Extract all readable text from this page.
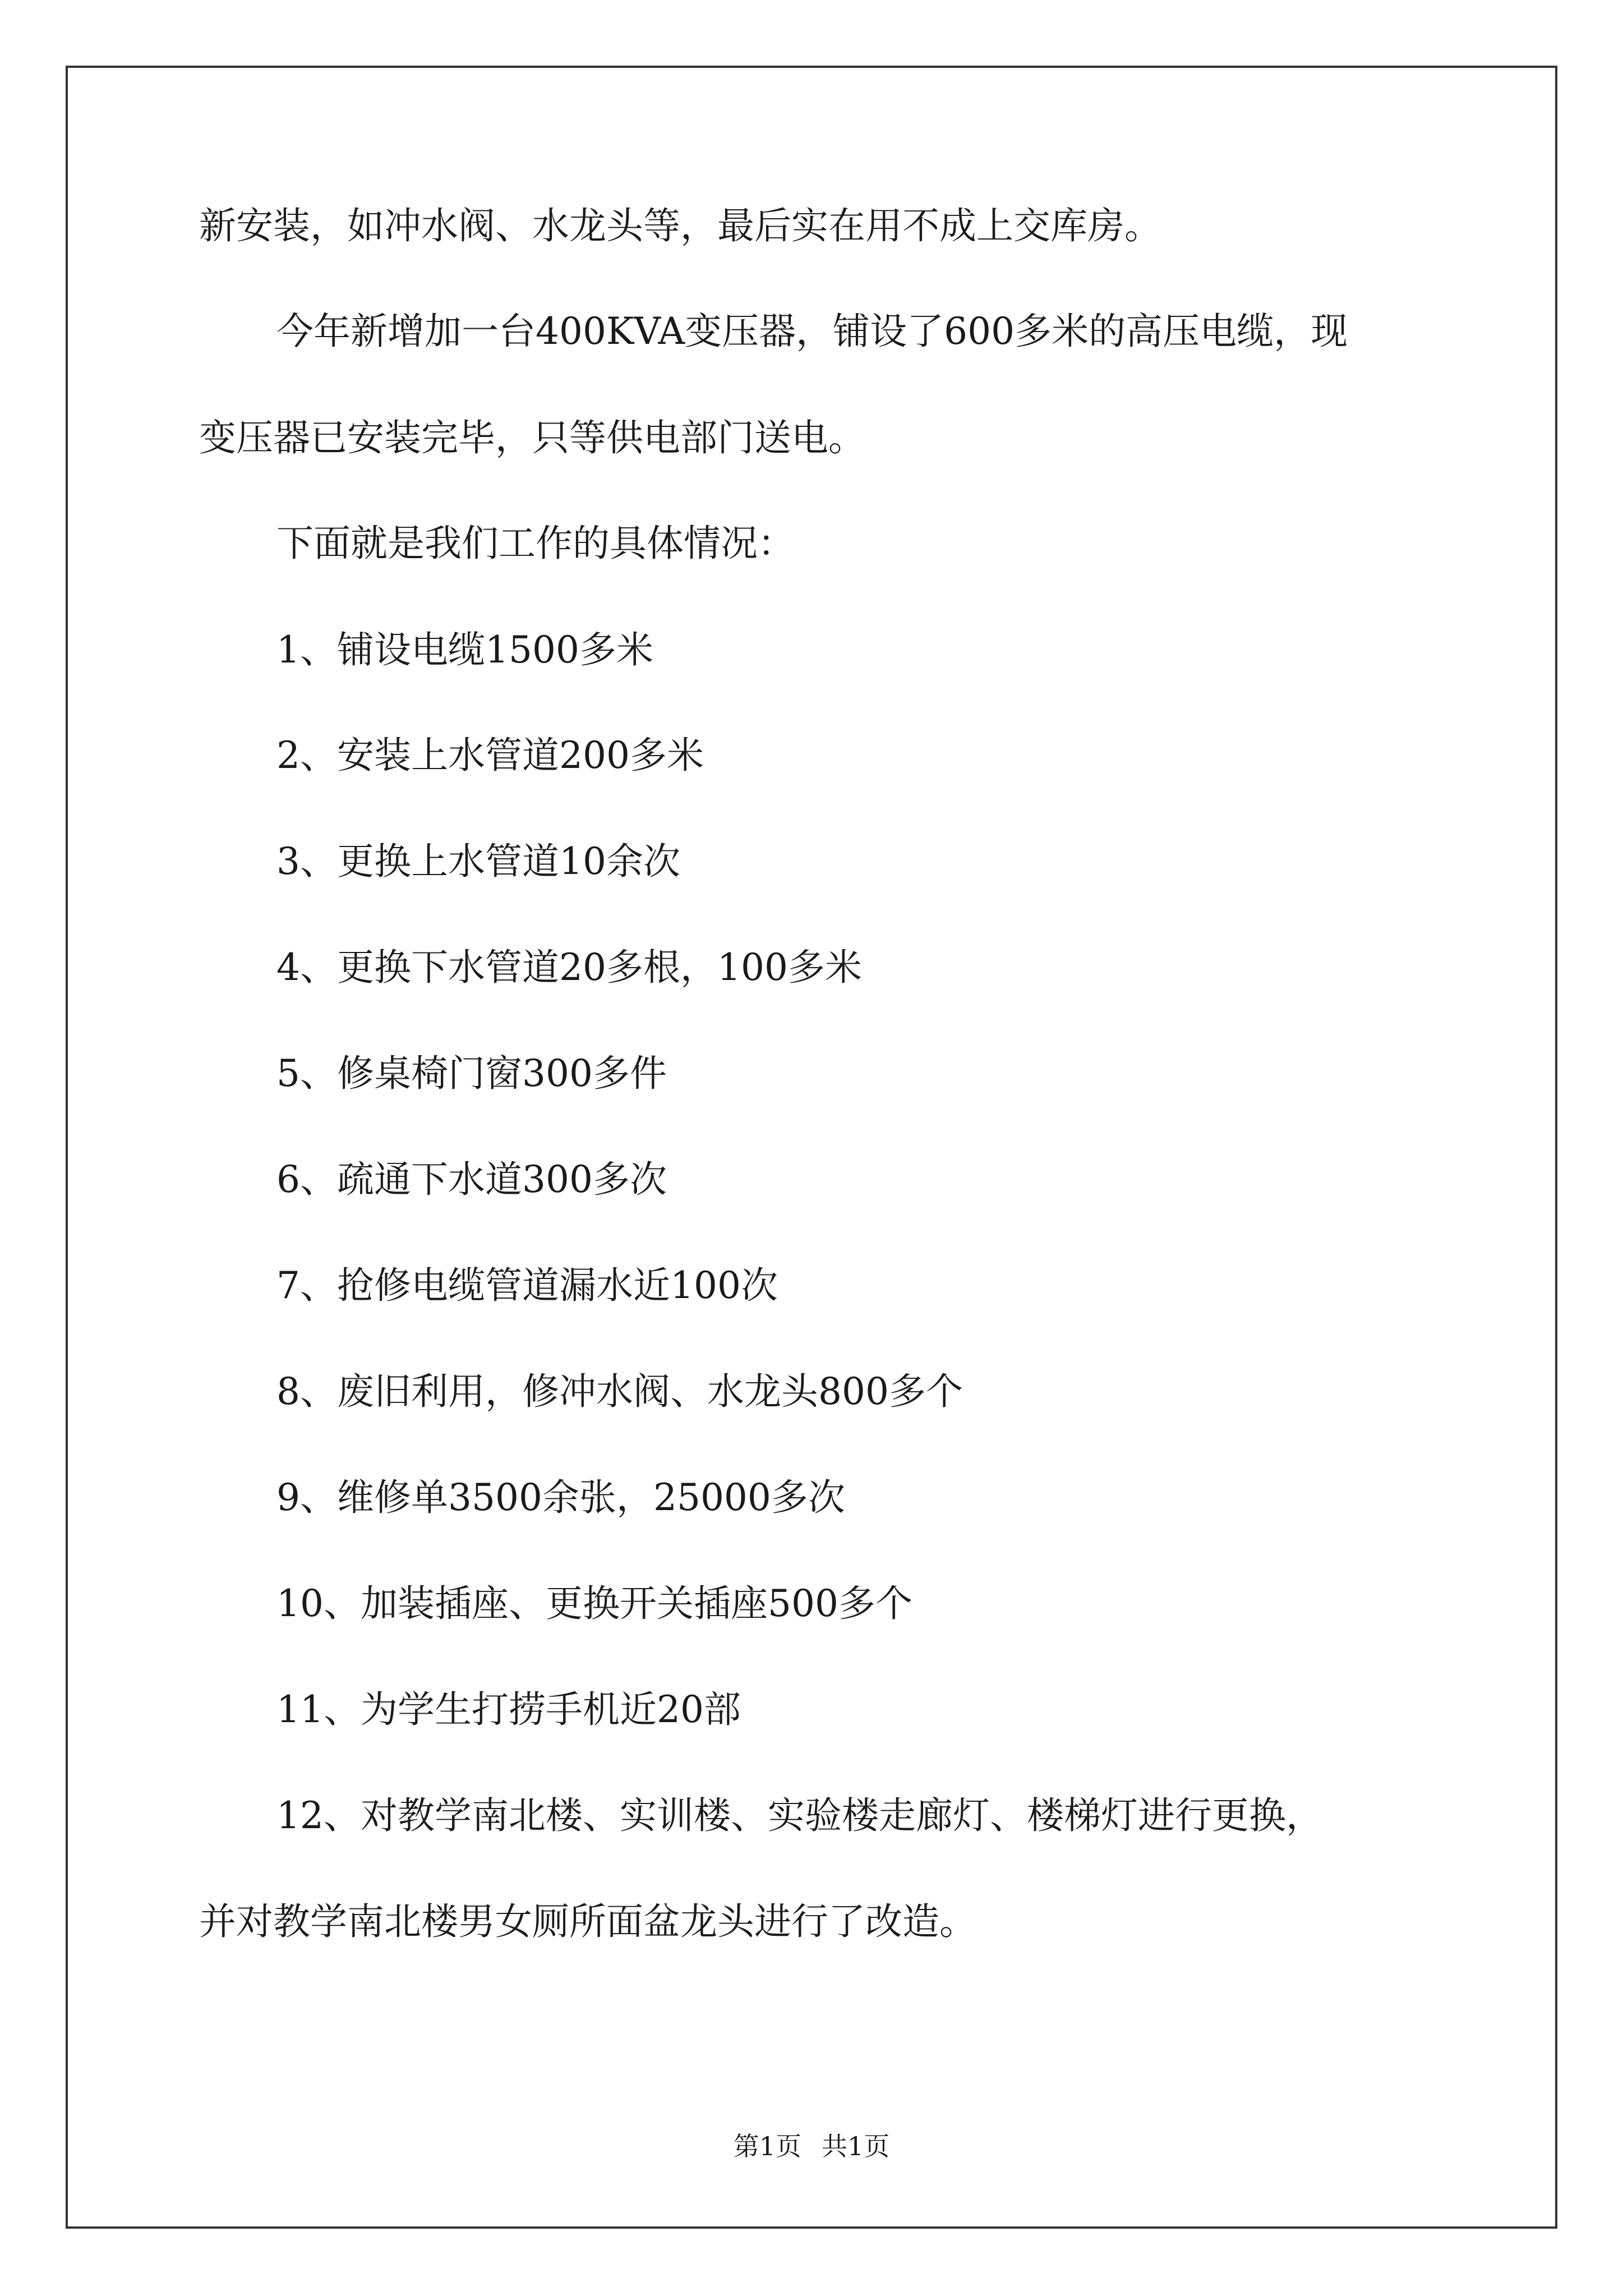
新安装，如冲水阀、水龙头等，最后实在用不成上交库房。
今年新增加一台400KVA变压器，铺设了600多米的高压电缆，现
变压器已安装完毕，只等供电部门送电。
下面就是我们工作的具体情况：
1、铺设电缆1500多米
2、安装上水管道200多米
3、更换上水管道10余次
4、更换下水管道20多根，100多米
5、修桌椅门窗300多件
6、疏通下水道300多次
7、抢修电缆管道漏水近100次
8、废旧利用，修冲水阀、水龙头800多个
9、维修单3500余张，25000多次
10、加装插座、更换开关插座500多个
11、为学生打捞手机近20部
12、对教学南北楼、实训楼、实验楼走廊灯、楼梯灯进行更换，
并对教学南北楼男女厕所面盆龙头进行了改造。
第1页 共1页
